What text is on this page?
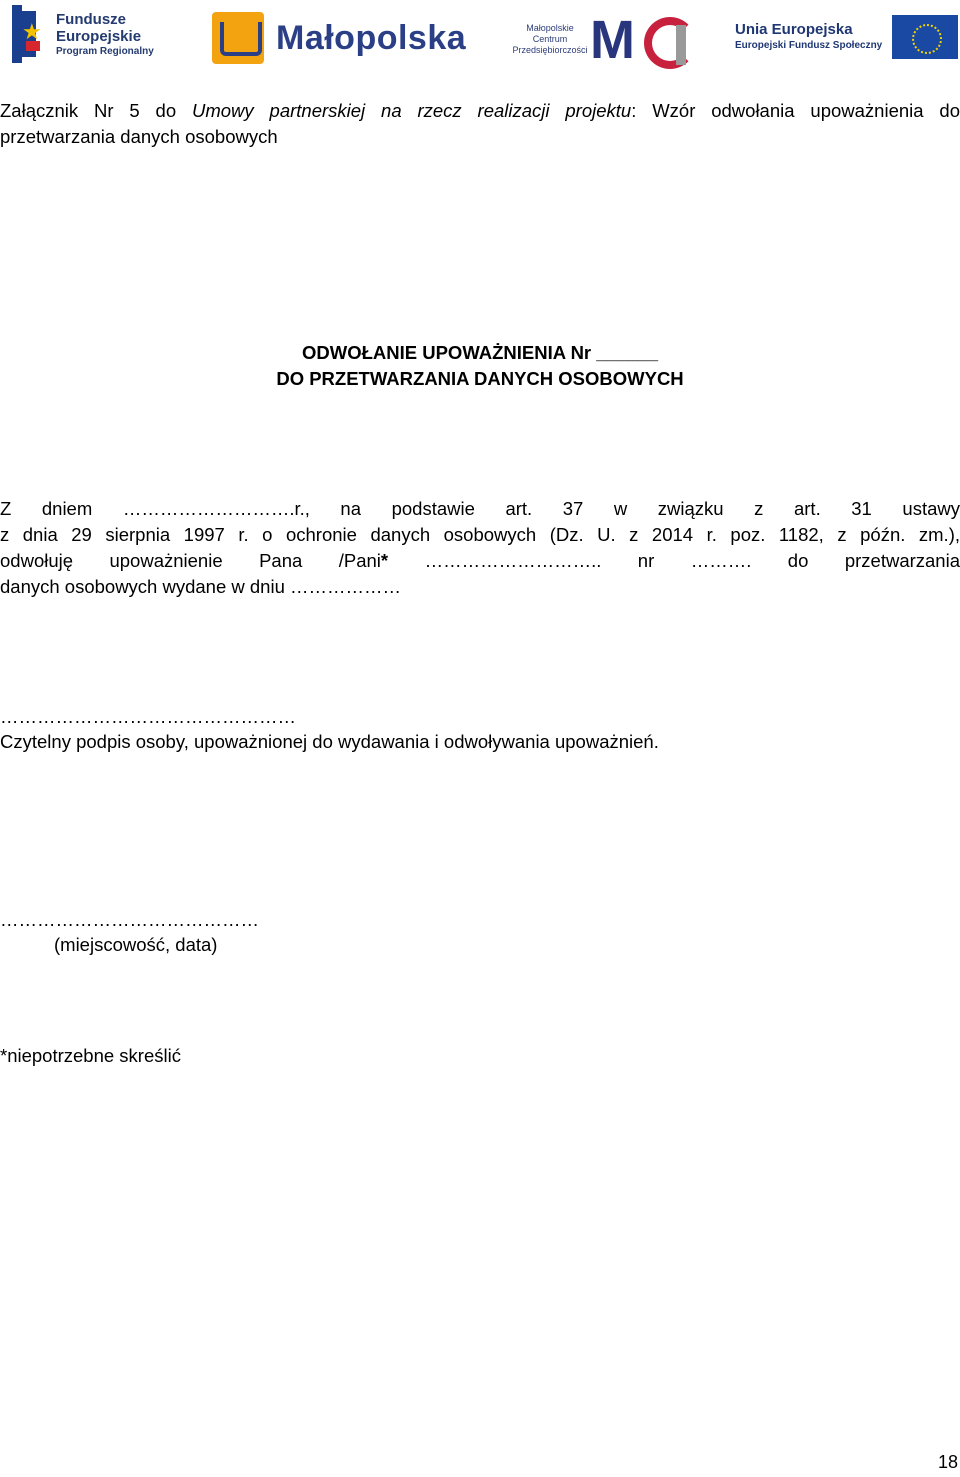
★ Fundusze
Europejskie
Program Regionalny	Małopolska	Małopolskie
Centrum
Przedsiębiorczości M	Unia Europejska
Europejski Fundusz Społeczny
Załącznik Nr 5 do Umowy partnerskiej na rzecz realizacji projektu: Wzór odwołania upoważnienia do
przetwarzania danych osobowych
ODWOŁANIE UPOWAŻNIENIA Nr ______
DO PRZETWARZANIA DANYCH OSOBOWYCH
Z dniem ……………………….r., na podstawie art. 37 w związku z art. 31 ustawy
z dnia 29 sierpnia 1997 r. o ochronie danych osobowych (Dz. U. z 2014 r. poz. 1182, z późn. zm.),
odwołuję upoważnienie Pana /Pani* ……………………….. nr ………. do przetwarzania
danych osobowych wydane w dniu ………………
…………………………………………
Czytelny podpis osoby, upoważnionej do wydawania i odwoływania upoważnień.
……………………………………
(miejscowość, data)
*niepotrzebne skreślić
18
